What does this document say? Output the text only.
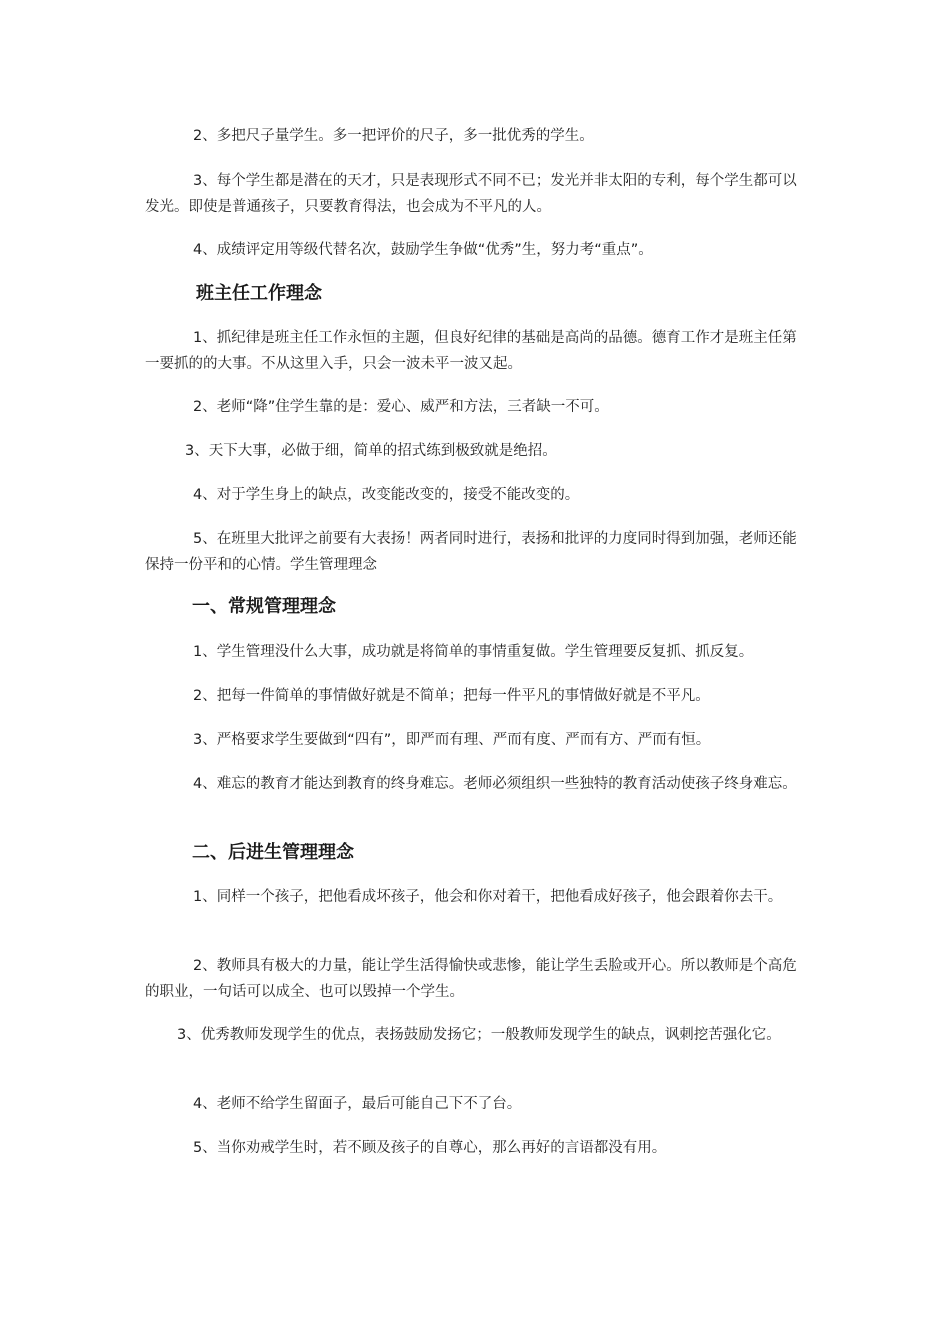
2、多把尺子量学生。多一把评价的尺子，多一批优秀的学生。

3、每个学生都是潜在的天才，只是表现形式不同不已；发光并非太阳的专利，每个学生都可以发光。即使是普通孩子，只要教育得法，也会成为不平凡的人。

4、成绩评定用等级代替名次，鼓励学生争做“优秀”生，努力考“重点”。

班主任工作理念

1、抓纪律是班主任工作永恒的主题，但良好纪律的基础是高尚的品德。德育工作才是班主任第一要抓的的大事。不从这里入手，只会一波未平一波又起。

2、老师“降”住学生靠的是：爱心、威严和方法，三者缺一不可。

3、天下大事，必做于细，简单的招式练到极致就是绝招。

4、对于学生身上的缺点，改变能改变的，接受不能改变的。

5、在班里大批评之前要有大表扬！两者同时进行，表扬和批评的力度同时得到加强，老师还能保持一份平和的心情。学生管理理念

一、常规管理理念

1、学生管理没什么大事，成功就是将简单的事情重复做。学生管理要反复抓、抓反复。

2、把每一件简单的事情做好就是不简单；把每一件平凡的事情做好就是不平凡。

3、严格要求学生要做到“四有”，即严而有理、严而有度、严而有方、严而有恒。

4、难忘的教育才能达到教育的终身难忘。老师必须组织一些独特的教育活动使孩子终身难忘。

二、后进生管理理念

1、同样一个孩子，把他看成坏孩子，他会和你对着干，把他看成好孩子，他会跟着你去干。

2、教师具有极大的力量，能让学生活得愉快或悲惨，能让学生丢脸或开心。所以教师是个高危的职业，一句话可以成全、也可以毁掉一个学生。

3、优秀教师发现学生的优点，表扬鼓励发扬它；一般教师发现学生的缺点，讽刺挖苦强化它。

4、老师不给学生留面子，最后可能自己下不了台。

5、当你劝戒学生时，若不顾及孩子的自尊心，那么再好的言语都没有用。
